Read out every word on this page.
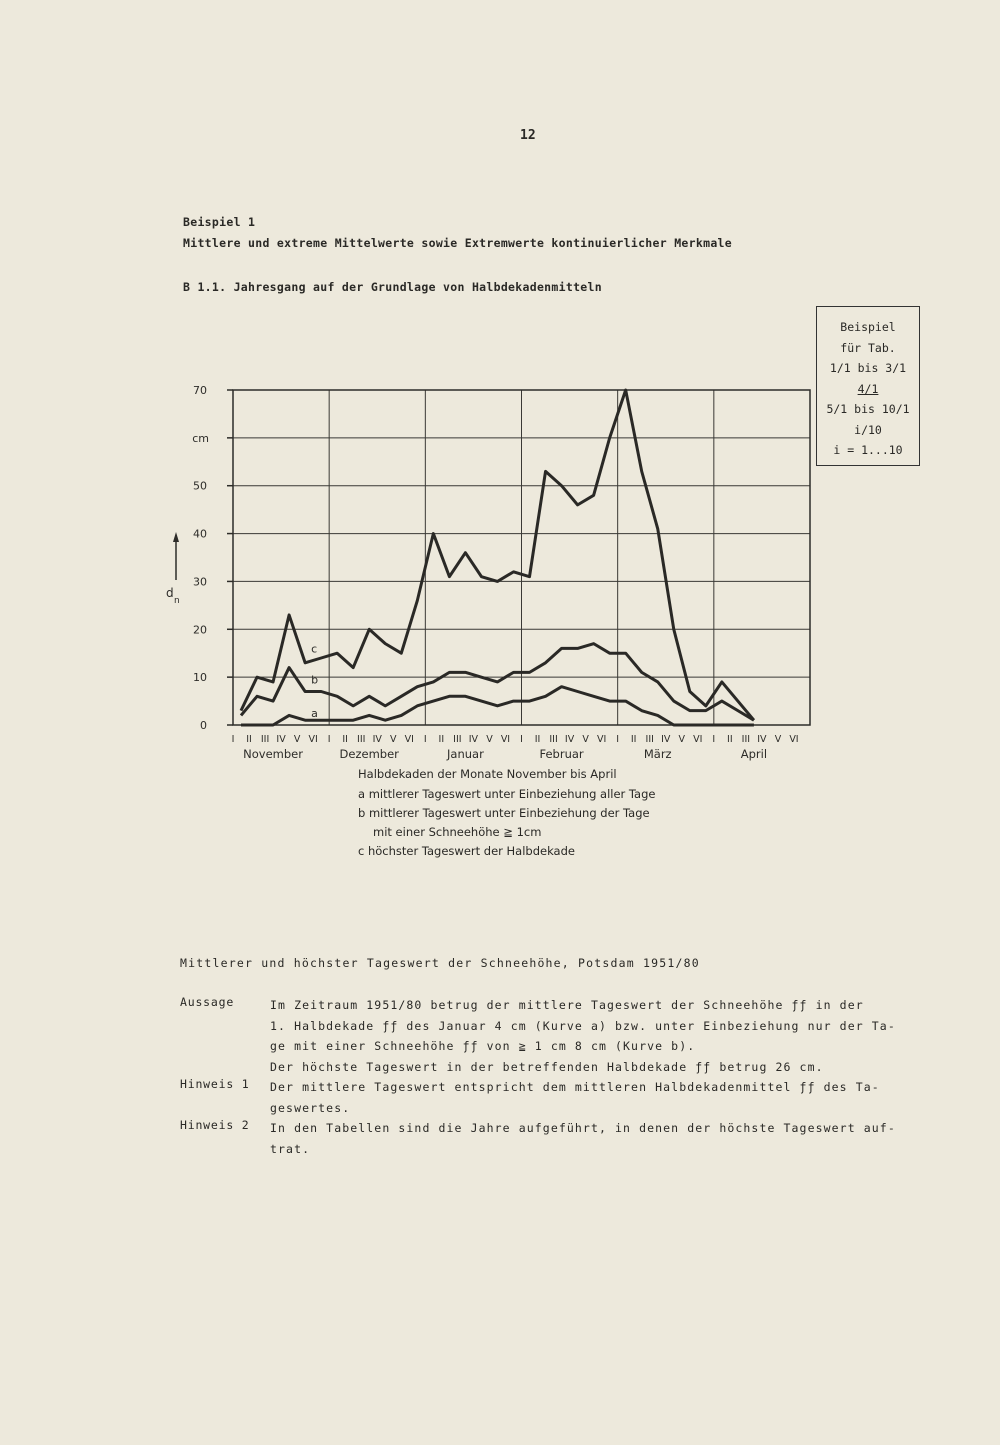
12
Beispiel 1
Mittlere und extreme Mittelwerte sowie Extremwerte kontinuierlicher Merkmale
B 1.1. Jahresgang auf der Grundlage von Halbdekadenmitteln
Beispiel
für Tab.
1/1 bis 3/1
4/1
5/1 bis 10/1
i/10
i = 1...10
0
10
20
30
40
50
70
cm
d
n
I II III IV V VI I II III IV V VI I II III IV V VI I II III IV V VI I II III IV V VI I II III IV V VI
November	Dezember	Januar	Februar	März	April
c
b
a
Halbdekaden der Monate November bis April
a mittlerer Tageswert unter Einbeziehung aller Tage
b mittlerer Tageswert unter Einbeziehung der Tage
mit einer Schneehöhe ≧ 1cm
c höchster Tageswert der Halbdekade
Mittlerer und höchster Tageswert der Schneehöhe, Potsdam 1951/80
Aussage	Im Zeitraum 1951/80 betrug der mittlere Tageswert der Schneehöhe ƒƒ in der
1. Halbdekade ƒƒ des Januar 4 cm (Kurve a) bzw. unter Einbeziehung nur der Ta-
ge mit einer Schneehöhe ƒƒ von ≧ 1 cm 8 cm (Kurve b).
Der höchste Tageswert in der betreffenden Halbdekade ƒƒ betrug 26 cm.
Hinweis 1 Der mittlere Tageswert entspricht dem mittleren Halbdekadenmittel ƒƒ des Ta-
geswertes.
Hinweis 2 In den Tabellen sind die Jahre aufgeführt, in denen der höchste Tageswert auf-
trat.
